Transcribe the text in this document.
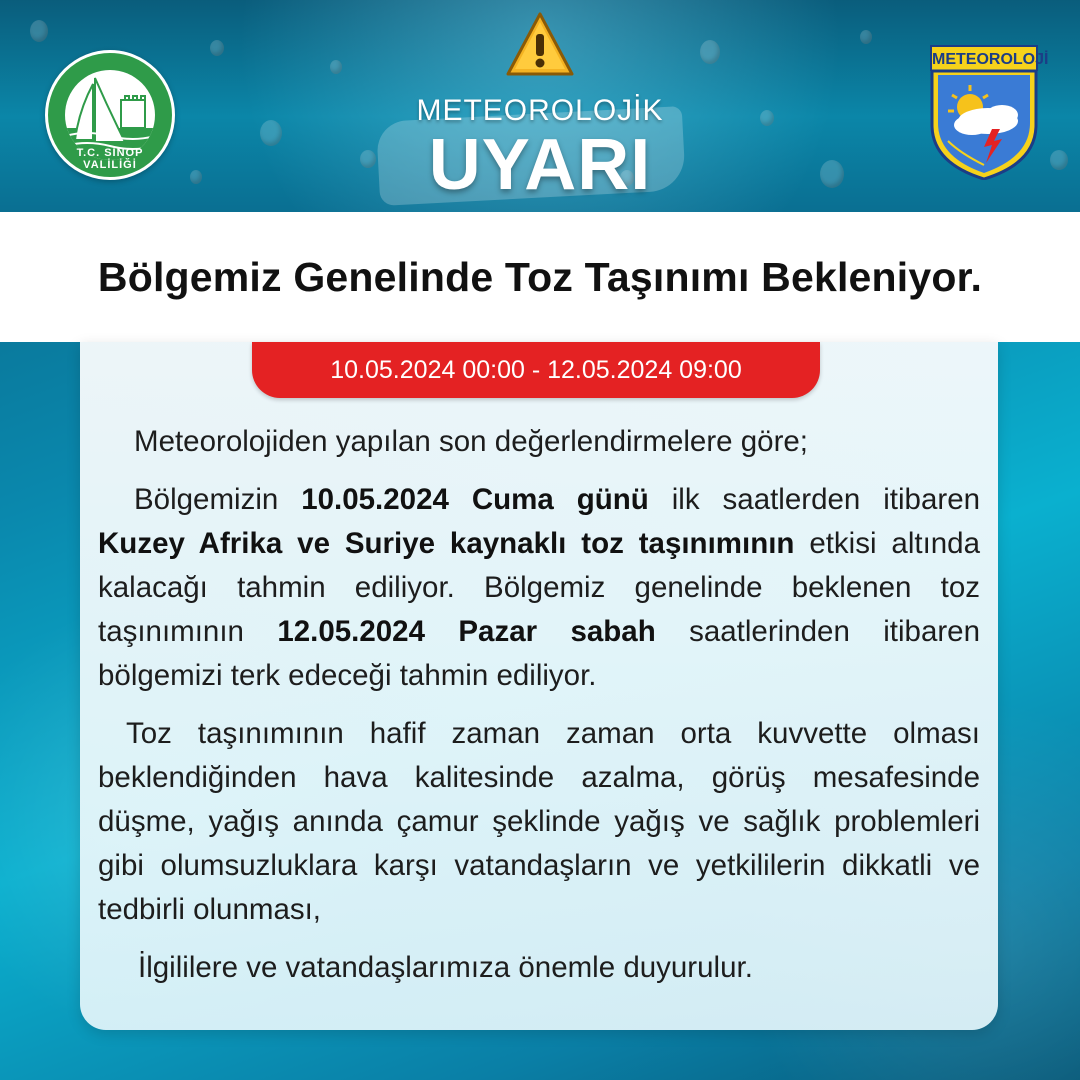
T.C. SİNOP VALİLİĞİ
METEOROLOJİK
UYARI
METEOROLOJİ
Bölgemiz Genelinde Toz Taşınımı Bekleniyor.
10.05.2024 00:00 - 12.05.2024 09:00

Meteorolojiden yapılan son değerlendirmelere göre;

Bölgemizin 10.05.2024 Cuma günü ilk saatlerden itibaren Kuzey Afrika ve Suriye kaynaklı toz taşınımının etkisi altında kalacağı tahmin ediliyor. Bölgemiz genelinde beklenen toz taşınımının 12.05.2024 Pazar sabah saatlerinden itibaren bölgemizi terk edeceği tahmin ediliyor.

Toz taşınımının hafif zaman zaman orta kuvvette olması beklendiğinden hava kalitesinde azalma, görüş mesafesinde düşme, yağış anında çamur şeklinde yağış ve sağlık problemleri gibi olumsuzluklara karşı vatandaşların ve yetkililerin dikkatli ve tedbirli olunması,

İlgililere ve vatandaşlarımıza önemle duyurulur.
